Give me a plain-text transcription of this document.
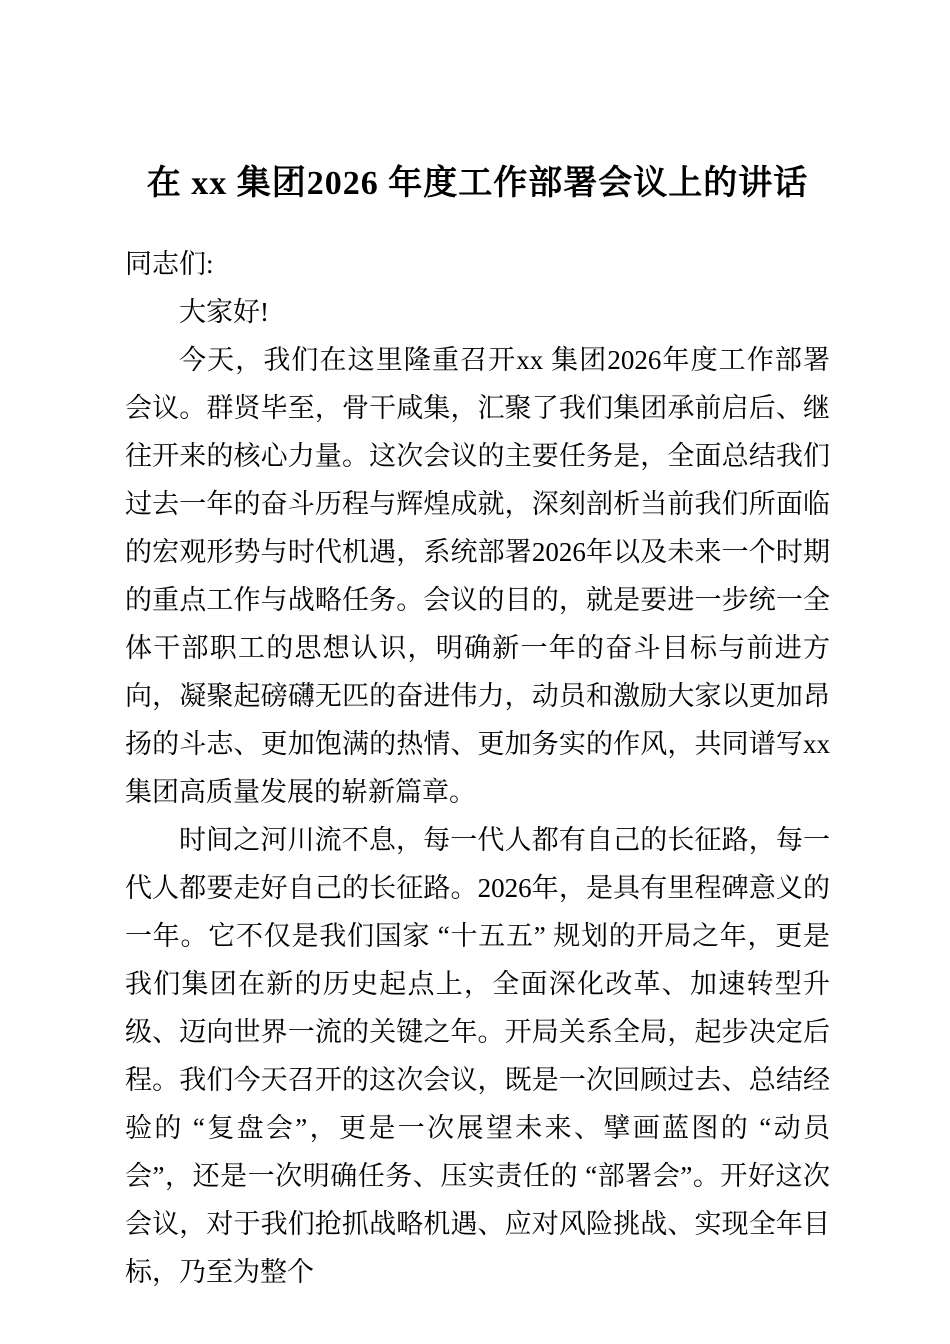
在 xx 集团2026 年度工作部署会议上的讲话

同志们:

大家好!

今天，我们在这里隆重召开xx 集团2026年度工作部署会议。群贤毕至，骨干咸集，汇聚了我们集团承前启后、继往开来的核心力量。这次会议的主要任务是，全面总结我们过去一年的奋斗历程与辉煌成就，深刻剖析当前我们所面临的宏观形势与时代机遇，系统部署2026年以及未来一个时期的重点工作与战略任务。会议的目的，就是要进一步统一全体干部职工的思想认识，明确新一年的奋斗目标与前进方向，凝聚起磅礴无匹的奋进伟力，动员和激励大家以更加昂扬的斗志、更加饱满的热情、更加务实的作风，共同谱写xx 集团高质量发展的崭新篇章。

时间之河川流不息，每一代人都有自己的长征路，每一代人都要走好自己的长征路。2026年，是具有里程碑意义的一年。它不仅是我们国家 “十五五” 规划的开局之年，更是我们集团在新的历史起点上，全面深化改革、加速转型升级、迈向世界一流的关键之年。开局关系全局，起步决定后程。我们今天召开的这次会议，既是一次回顾过去、总结经验的 “复盘会”，更是一次展望未来、擘画蓝图的 “动员会”，还是一次明确任务、压实责任的 “部署会”。开好这次会议，对于我们抢抓战略机遇、应对风险挑战、实现全年目标，乃至为整个
